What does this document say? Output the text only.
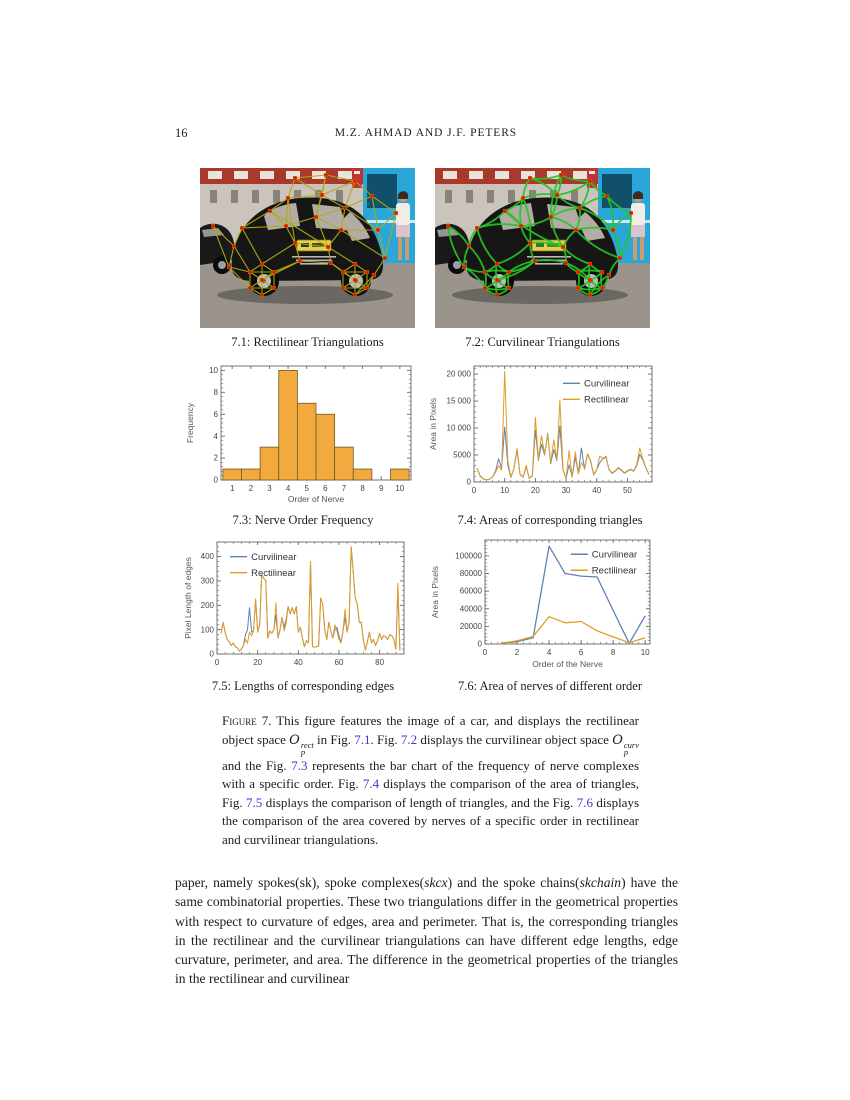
16	M.Z. AHMAD AND J.F. PETERS
7.1: Rectilinear Triangulations	7.2: Curvilinear Triangulations
1 2 3 4 5 6 7 8 9 10
0
2
4
6
8
10
Order of Nerve
Frequency
0	10	20	30	40	50
0
5000
10 000
15 000
20 000
Area in Pixels
Curvilinear
Rectilinear
7.3: Nerve Order Frequency	7.4: Areas of corresponding triangles
0	20	40	60	80
0
100
200
300
400
Pixel Length of edges	Curvilinear
Rectilinear
0	2	4	6	8	10
0
20000
40000
60000
80000
100000
Order of the Nerve
Area in Pixels
Curvilinear
Rectilinear
7.5: Lengths of corresponding edges	7.6: Area of nerves of different order
Figure 7. This figure features the image of a car, and displays the rectilinear object space O rect
p
in Fig. 7.1. Fig. 7.2 displays the curvilinear object space O curv
p
and the Fig. 7.3 represents the bar chart of the frequency of nerve complexes with a specific order. Fig. 7.4 displays the comparison of the area of triangles, Fig. 7.5 displays the comparison of length of triangles, and the Fig. 7.6 displays the comparison of the area covered by nerves of a specific order in rectilinear and curvilinear triangulations.
paper, namely spokes(sk), spoke complexes(skcx) and the spoke chains(skchain) have the same combinatorial properties. These two triangulations differ in the geometrical properties with respect to curvature of edges, area and perimeter. That is, the corresponding triangles in the rectilinear and the curvilinear triangulations can have different edge lengths, edge curvature, perimeter, and area. The difference in the geometrical properties of the triangles in the rectilinear and curvilinear
